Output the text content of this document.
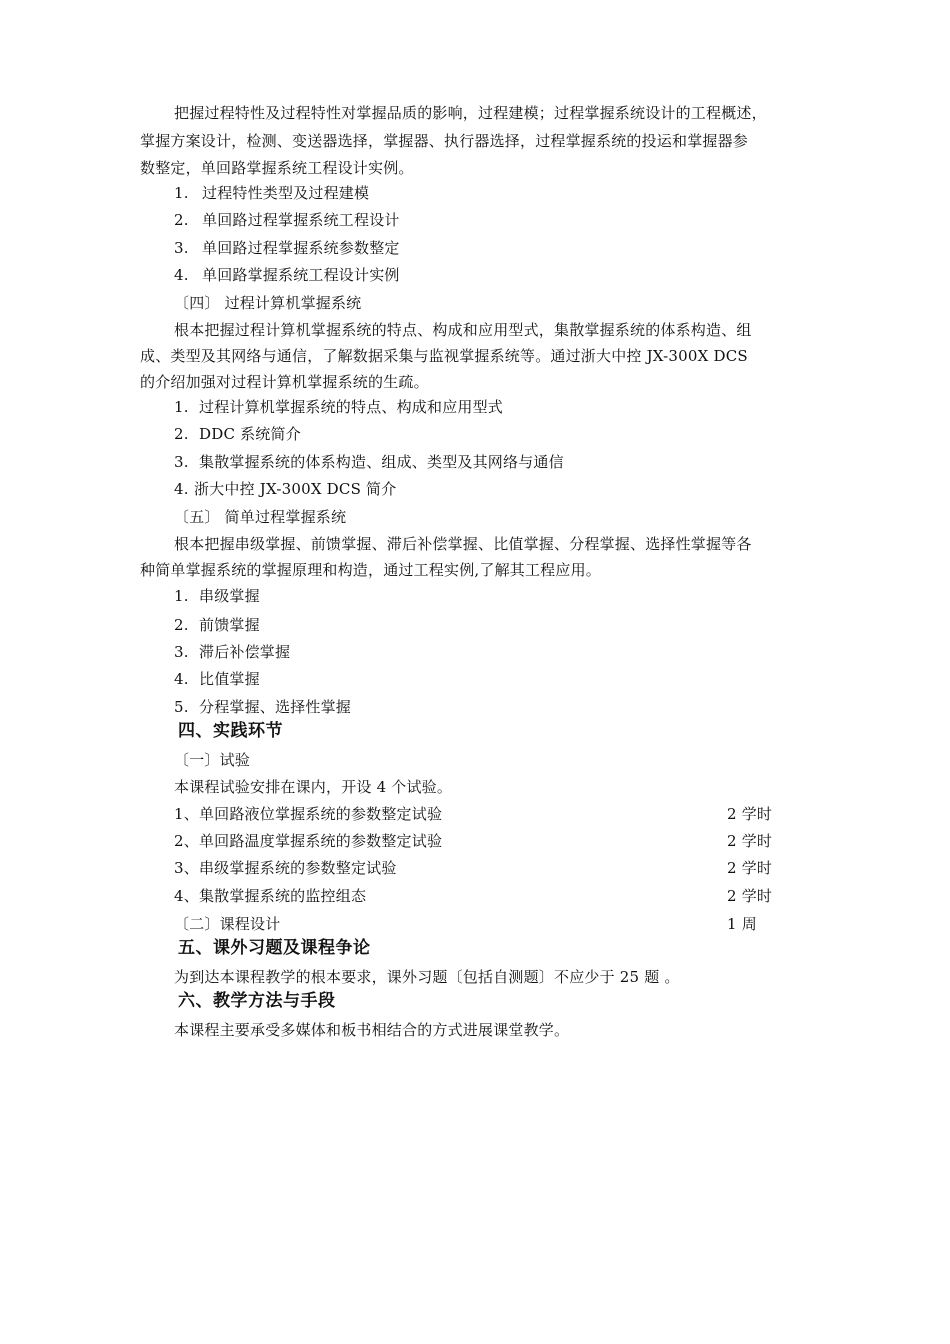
把握过程特性及过程特性对掌握品质的影响，过程建模；过程掌握系统设计的工程概述，
掌握方案设计，检测、变送器选择，掌握器、执行器选择，过程掌握系统的投运和掌握器参
数整定，单回路掌握系统工程设计实例。
1. 过程特性类型及过程建模
2. 单回路过程掌握系统工程设计
3. 单回路过程掌握系统参数整定
4. 单回路掌握系统工程设计实例
〔四〕 过程计算机掌握系统
根本把握过程计算机掌握系统的特点、构成和应用型式，集散掌握系统的体系构造、组
成、类型及其网络与通信，了解数据采集与监视掌握系统等。通过浙大中控 JX-300X DCS
的介绍加强对过程计算机掌握系统的生疏。
1. 过程计算机掌握系统的特点、构成和应用型式
2. DDC 系统简介
3. 集散掌握系统的体系构造、组成、类型及其网络与通信
4. 浙大中控 JX-300X DCS 简介
〔五〕 简单过程掌握系统
根本把握串级掌握、前馈掌握、滞后补偿掌握、比值掌握、分程掌握、选择性掌握等各
种简单掌握系统的掌握原理和构造，通过工程实例,了解其工程应用。
1. 串级掌握
2. 前馈掌握
3. 滞后补偿掌握
4. 比值掌握
5. 分程掌握、选择性掌握
四、实践环节
〔一〕试验
本课程试验安排在课内，开设 4 个试验。
1、单回路液位掌握系统的参数整定试验	2 学时
2、单回路温度掌握系统的参数整定试验	2 学时
3、串级掌握系统的参数整定试验	2 学时
4、集散掌握系统的监控组态	2 学时
〔二〕课程设计	1 周
五、课外习题及课程争论
为到达本课程教学的根本要求，课外习题〔包括自测题〕不应少于 25 题 。
六、教学方法与手段
本课程主要承受多媒体和板书相结合的方式进展课堂教学。
